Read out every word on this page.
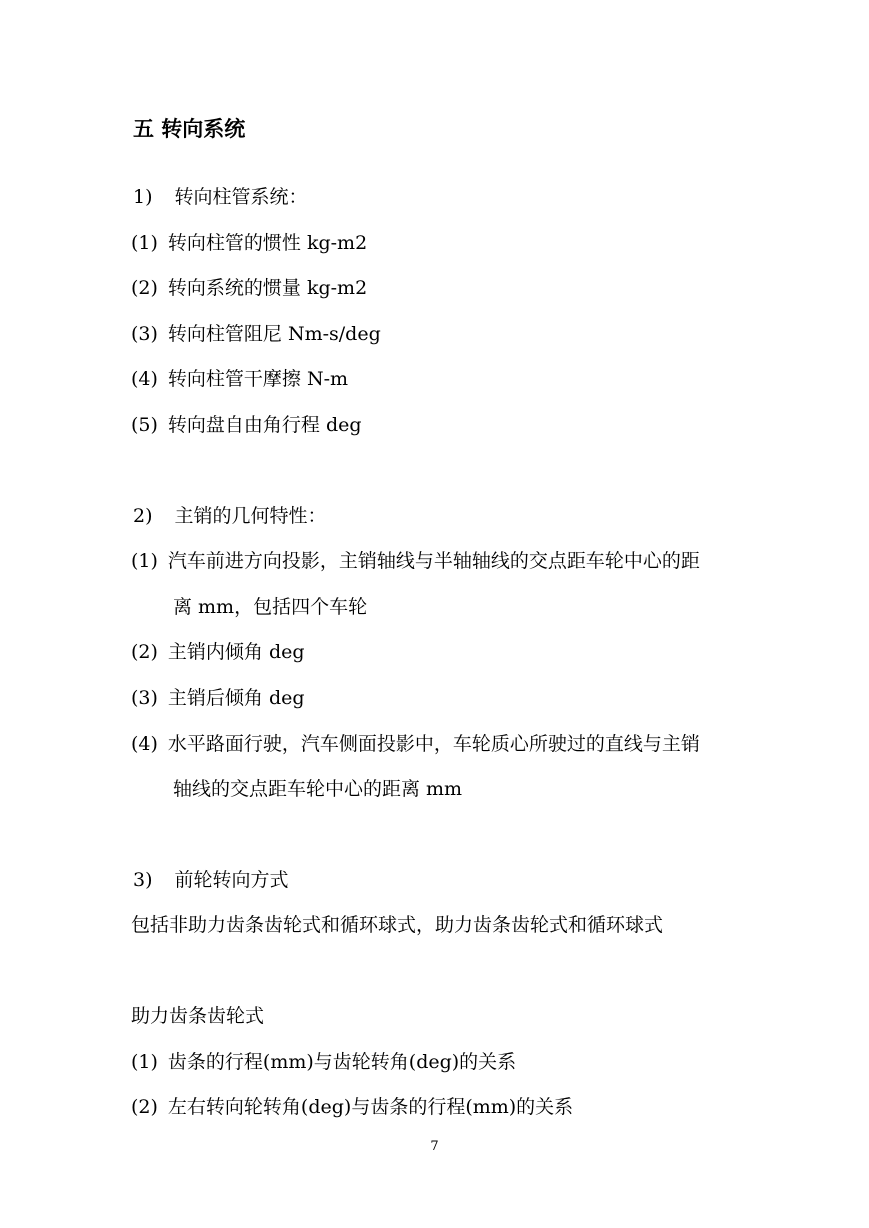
五 转向系统
1) 转向柱管系统：
(1) 转向柱管的惯性 kg-m2
(2) 转向系统的惯量 kg-m2
(3) 转向柱管阻尼 Nm-s/deg
(4) 转向柱管干摩擦 N-m
(5) 转向盘自由角行程 deg
2) 主销的几何特性：
(1) 汽车前进方向投影，主销轴线与半轴轴线的交点距车轮中心的距
离 mm，包括四个车轮
(2) 主销内倾角 deg
(3) 主销后倾角 deg
(4) 水平路面行驶，汽车侧面投影中，车轮质心所驶过的直线与主销
轴线的交点距车轮中心的距离 mm
3) 前轮转向方式
包括非助力齿条齿轮式和循环球式，助力齿条齿轮式和循环球式
助力齿条齿轮式
(1) 齿条的行程(mm)与齿轮转角(deg)的关系
(2) 左右转向轮转角(deg)与齿条的行程(mm)的关系
7
